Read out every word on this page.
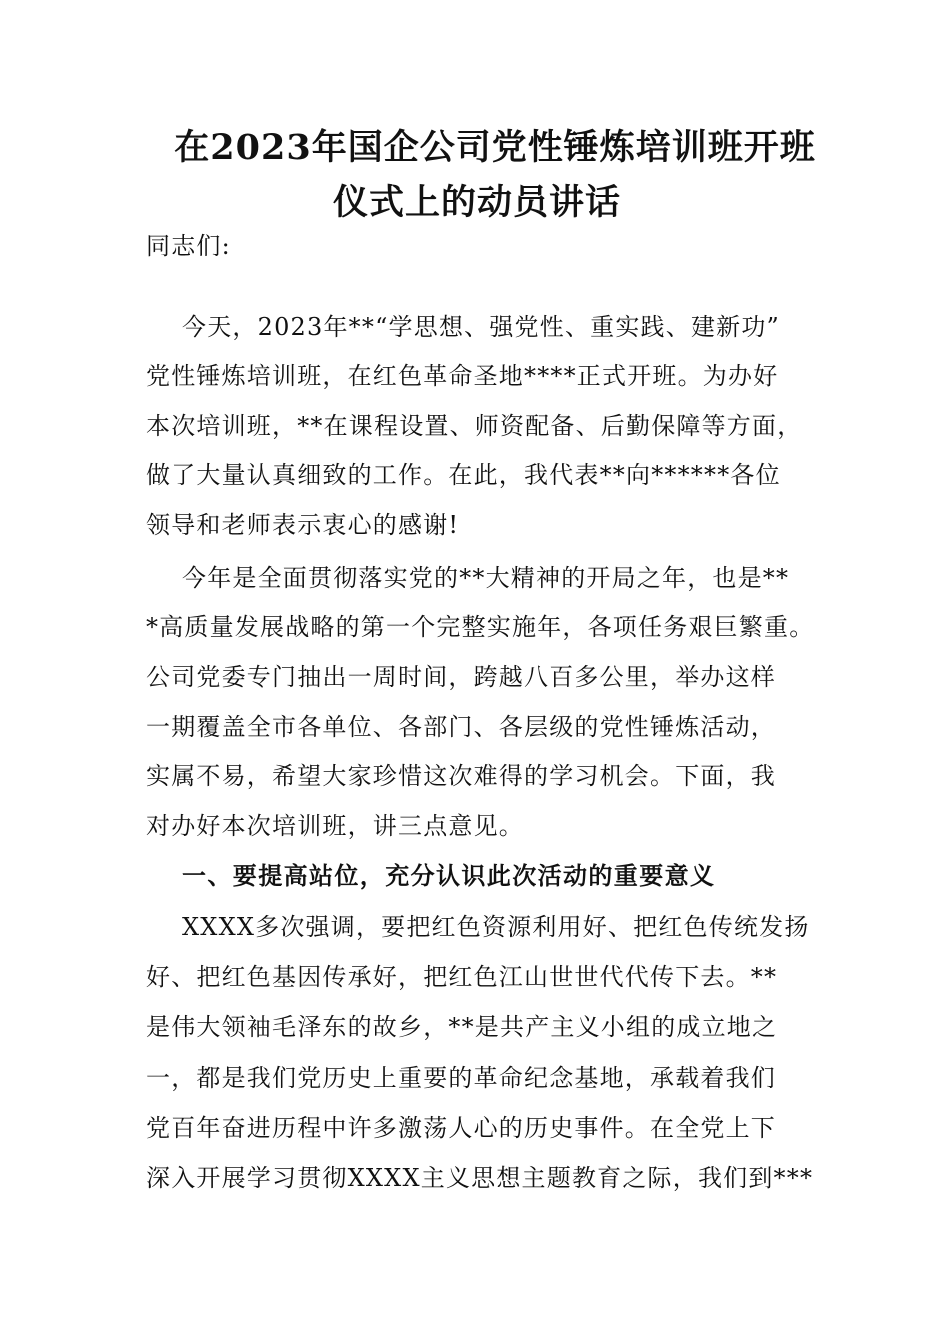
在2023年国企公司党性锤炼培训班开班
仪式上的动员讲话
同志们:
今天，2023年**“学思想、强党性、重实践、建新功”
党性锤炼培训班，在红色革命圣地****正式开班。为办好
本次培训班，**在课程设置、师资配备、后勤保障等方面，
做了大量认真细致的工作。在此，我代表**向******各位
领导和老师表示衷心的感谢!
今年是全面贯彻落实党的**大精神的开局之年，也是**
*高质量发展战略的第一个完整实施年，各项任务艰巨繁重。
公司党委专门抽出一周时间，跨越八百多公里，举办这样
一期覆盖全市各单位、各部门、各层级的党性锤炼活动，
实属不易，希望大家珍惜这次难得的学习机会。下面，我
对办好本次培训班，讲三点意见。
一、要提高站位，充分认识此次活动的重要意义
XXXX多次强调，要把红色资源利用好、把红色传统发扬
好、把红色基因传承好，把红色江山世世代代传下去。**
是伟大领袖毛泽东的故乡，**是共产主义小组的成立地之
一，都是我们党历史上重要的革命纪念基地，承载着我们
党百年奋进历程中许多激荡人心的历史事件。在全党上下
深入开展学习贯彻XXXX主义思想主题教育之际，我们到***
